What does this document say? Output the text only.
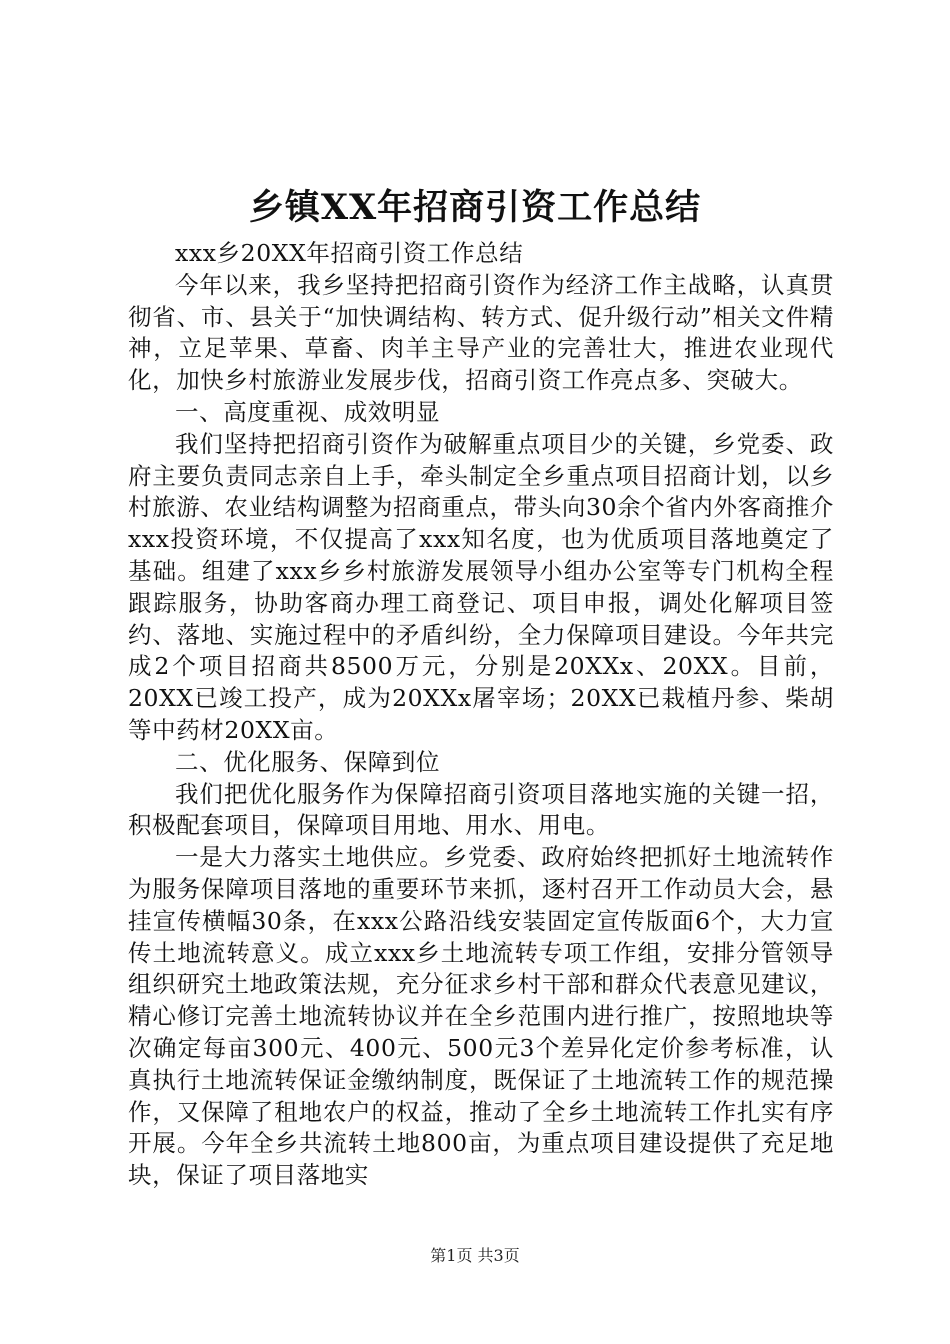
乡镇XX年招商引资工作总结

xxx乡20XX年招商引资工作总结

今年以来，我乡坚持把招商引资作为经济工作主战略，认真贯彻省、市、县关于“加快调结构、转方式、促升级行动”相关文件精神，立足苹果、草畜、肉羊主导产业的完善壮大，推进农业现代化，加快乡村旅游业发展步伐，招商引资工作亮点多、突破大。

一、高度重视、成效明显

我们坚持把招商引资作为破解重点项目少的关键，乡党委、政府主要负责同志亲自上手，牵头制定全乡重点项目招商计划，以乡村旅游、农业结构调整为招商重点，带头向30余个省内外客商推介xxx投资环境，不仅提高了xxx知名度，也为优质项目落地奠定了基础。组建了xxx乡乡村旅游发展领导小组办公室等专门机构全程跟踪服务，协助客商办理工商登记、项目申报，调处化解项目签约、落地、实施过程中的矛盾纠纷，全力保障项目建设。今年共完成2个项目招商共8500万元，分别是20XXx、20XX。目前，20XX已竣工投产，成为20XXx屠宰场；20XX已栽植丹参、柴胡等中药材20XX亩。

二、优化服务、保障到位

我们把优化服务作为保障招商引资项目落地实施的关键一招，积极配套项目，保障项目用地、用水、用电。

一是大力落实土地供应。乡党委、政府始终把抓好土地流转作为服务保障项目落地的重要环节来抓，逐村召开工作动员大会，悬挂宣传横幅30条，在xxx公路沿线安装固定宣传版面6个，大力宣传土地流转意义。成立xxx乡土地流转专项工作组，安排分管领导组织研究土地政策法规，充分征求乡村干部和群众代表意见建议，精心修订完善土地流转协议并在全乡范围内进行推广，按照地块等次确定每亩300元、400元、500元3个差异化定价参考标准，认真执行土地流转保证金缴纳制度，既保证了土地流转工作的规范操作，又保障了租地农户的权益，推动了全乡土地流转工作扎实有序开展。今年全乡共流转土地800亩，为重点项目建设提供了充足地块，保证了项目落地实

第1页 共3页
